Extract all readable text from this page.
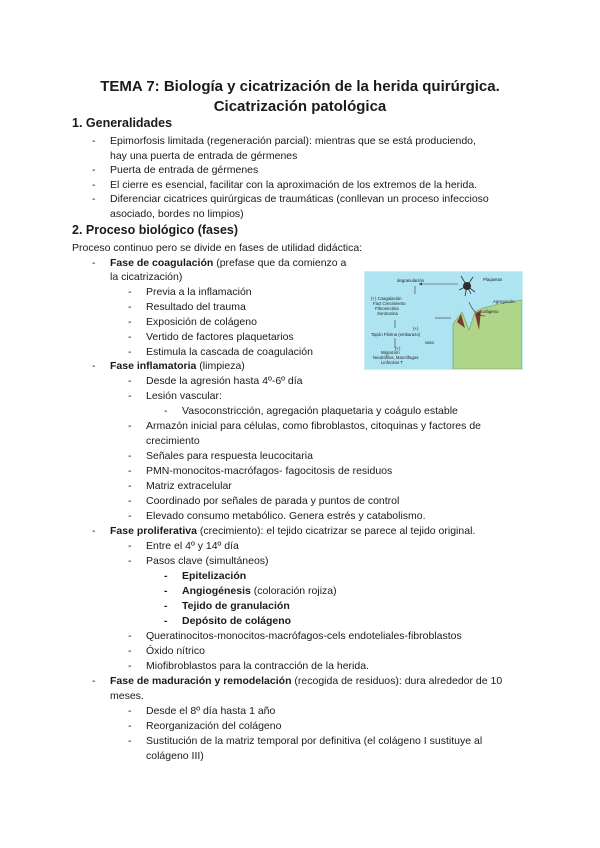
TEMA 7: Biología y cicatrización de la herida quirúrgica.
Cicatrización patológica
1. Generalidades
- Epimorfosis limitada (regeneración parcial): mientras que se está produciendo,
hay una puerta de entrada de gérmenes
- Puerta de entrada de gérmenes
- El cierre es esencial, facilitar con la aproximación de los extremos de la herida.
- Diferenciar cicatrices quirúrgicas de traumáticas (conllevan un proceso infeccioso
asociado, bordes no limpios)
2. Proceso biológico (fases)
Proceso continuo pero se divide en fases de utilidad didáctica:
- Fase de coagulación (prefase que da comienzo a
la cicatrización)
- Previa a la inflamación
- Resultado del trauma
- Exposición de colágeno
- Vertido de factores plaquetarios
- Estimula la cascada de coagulación
degranulación	Plaquetas
(+) Coagulación
Fact Crecimiento
Fibronectina
Serotonina
Agregación
colágeno
(+)
Tapón Fibrina (embarazo)
(+)
Migración
Neutrófilos, Macrófagos
Linfocitos T
vaso
- Fase inflamatoria (limpieza)
- Desde la agresión hasta 4º-6º día
- Lesión vascular:
- Vasoconstricción, agregación plaquetaria y coágulo estable
- Armazón inicial para células, como fibroblastos, citoquinas y factores de
crecimiento
- Señales para respuesta leucocitaria
- PMN-monocitos-macrófagos- fagocitosis de residuos
- Matriz extracelular
- Coordinado por señales de parada y puntos de control
- Elevado consumo metabólico. Genera estrés y catabolismo.
- Fase proliferativa (crecimiento): el tejido cicatrizar se parece al tejido original.
- Entre el 4º y 14º día
- Pasos clave (simultáneos)
- Epitelización
- Angiogénesis (coloración rojiza)
- Tejido de granulación
- Depósito de colágeno
- Queratinocitos-monocitos-macrófagos-cels endoteliales-fibroblastos
- Óxido nítrico
- Miofibroblastos para la contracción de la herida.
- Fase de maduración y remodelación (recogida de residuos): dura alrededor de 10
meses.
- Desde el 8º día hasta 1 año
- Reorganización del colágeno
- Sustitución de la matriz temporal por definitiva (el colágeno I sustituye al
colágeno III)
